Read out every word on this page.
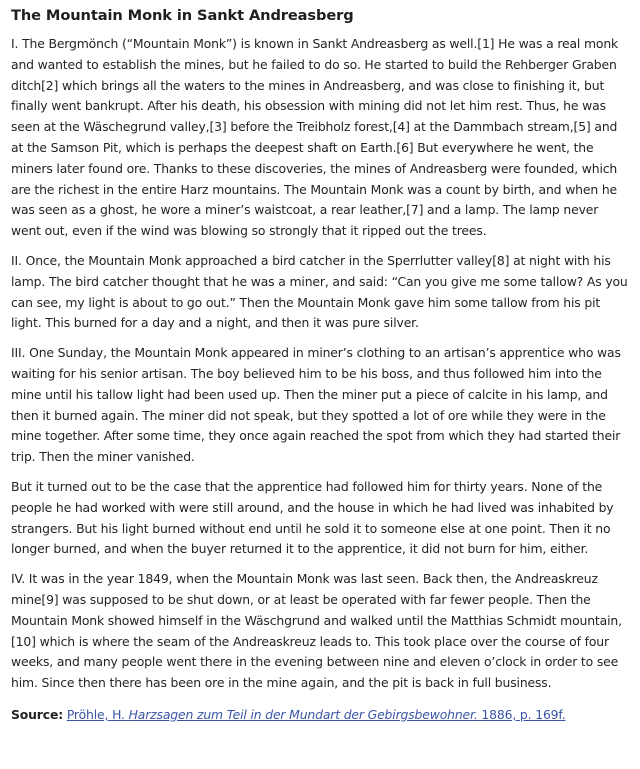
The Mountain Monk in Sankt Andreasberg

I. The Bergmönch (“Mountain Monk”) is known in Sankt Andreasberg as well.[1] He was a real monk and wanted to establish the mines, but he failed to do so. He started to build the Rehberger Graben ditch[2] which brings all the waters to the mines in Andreasberg, and was close to finishing it, but finally went bankrupt. After his death, his obsession with mining did not let him rest. Thus, he was seen at the Wäschegrund valley,[3] before the Treibholz forest,[4] at the Dammbach stream,[5] and at the Samson Pit, which is perhaps the deepest shaft on Earth.[6] But everywhere he went, the miners later found ore. Thanks to these discoveries, the mines of Andreasberg were founded, which are the richest in the entire Harz mountains. The Mountain Monk was a count by birth, and when he was seen as a ghost, he wore a miner’s waistcoat, a rear leather,[7] and a lamp. The lamp never went out, even if the wind was blowing so strongly that it ripped out the trees.

II. Once, the Mountain Monk approached a bird catcher in the Sperrlutter valley[8] at night with his lamp. The bird catcher thought that he was a miner, and said: “Can you give me some tallow? As you can see, my light is about to go out.” Then the Mountain Monk gave him some tallow from his pit light. This burned for a day and a night, and then it was pure silver.

III. One Sunday, the Mountain Monk appeared in miner’s clothing to an artisan’s apprentice who was waiting for his senior artisan. The boy believed him to be his boss, and thus followed him into the mine until his tallow light had been used up. Then the miner put a piece of calcite in his lamp, and then it burned again. The miner did not speak, but they spotted a lot of ore while they were in the mine together. After some time, they once again reached the spot from which they had started their trip. Then the miner vanished.

But it turned out to be the case that the apprentice had followed him for thirty years. None of the people he had worked with were still around, and the house in which he had lived was inhabited by strangers. But his light burned without end until he sold it to someone else at one point. Then it no longer burned, and when the buyer returned it to the apprentice, it did not burn for him, either.

IV. It was in the year 1849, when the Mountain Monk was last seen. Back then, the Andreaskreuz mine[9] was supposed to be shut down, or at least be operated with far fewer people. Then the Mountain Monk showed himself in the Wäschgrund and walked until the Matthias Schmidt mountain,[10] which is where the seam of the Andreaskreuz leads to. This took place over the course of four weeks, and many people went there in the evening between nine and eleven o’clock in order to see him. Since then there has been ore in the mine again, and the pit is back in full business.

Source: Pröhle, H. Harzsagen zum Teil in der Mundart der Gebirgsbewohner. 1886, p. 169f.
